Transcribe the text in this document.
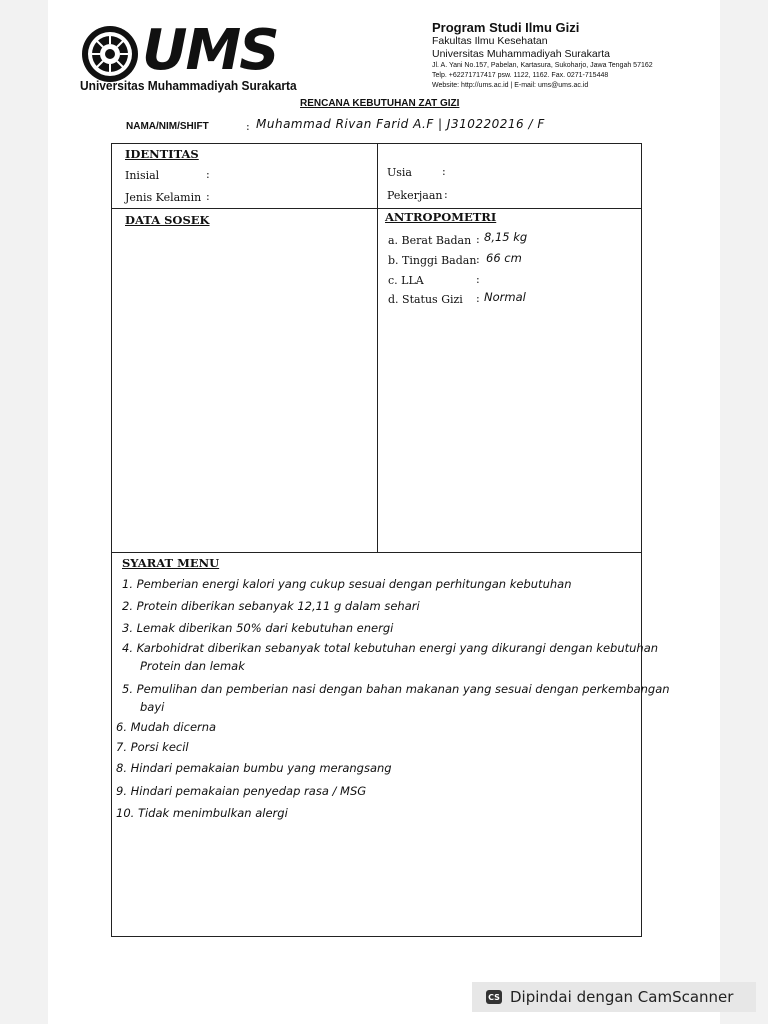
UMS
Universitas Muhammadiyah Surakarta
Program Studi Ilmu Gizi
Fakultas Ilmu Kesehatan
Universitas Muhammadiyah Surakarta
Jl. A. Yani No.157, Pabelan, Kartasura, Sukoharjo, Jawa Tengah 57162
Telp. +62271717417 psw. 1122, 1162. Fax. 0271-715448
Website: http://ums.ac.id | E-mail: ums@ums.ac.id
RENCANA KEBUTUHAN ZAT GIZI
NAMA/NIM/SHIFT	: Muhammad Rivan Farid A.F | J310220216 / F
IDENTITAS
Inisial	:
Jenis Kelamin :
Usia	:
Pekerjaan :
DATA SOSEK	ANTROPOMETRI
a. Berat Badan : 8,15 kg
b. Tinggi Badan : 66 cm
c. LLA	:
d. Status Gizi : Normal
SYARAT MENU
1. Pemberian energi kalori yang cukup sesuai dengan perhitungan kebutuhan
2. Protein diberikan sebanyak 12,11 g dalam sehari
3. Lemak diberikan 50% dari kebutuhan energi
4. Karbohidrat diberikan sebanyak total kebutuhan energi yang dikurangi dengan kebutuhan
Protein dan lemak
5. Pemulihan dan pemberian nasi dengan bahan makanan yang sesuai dengan perkembangan
bayi
6. Mudah dicerna
7. Porsi kecil
8. Hindari pemakaian bumbu yang merangsang
9. Hindari pemakaian penyedap rasa / MSG
10. Tidak menimbulkan alergi
CS Dipindai dengan CamScanner
